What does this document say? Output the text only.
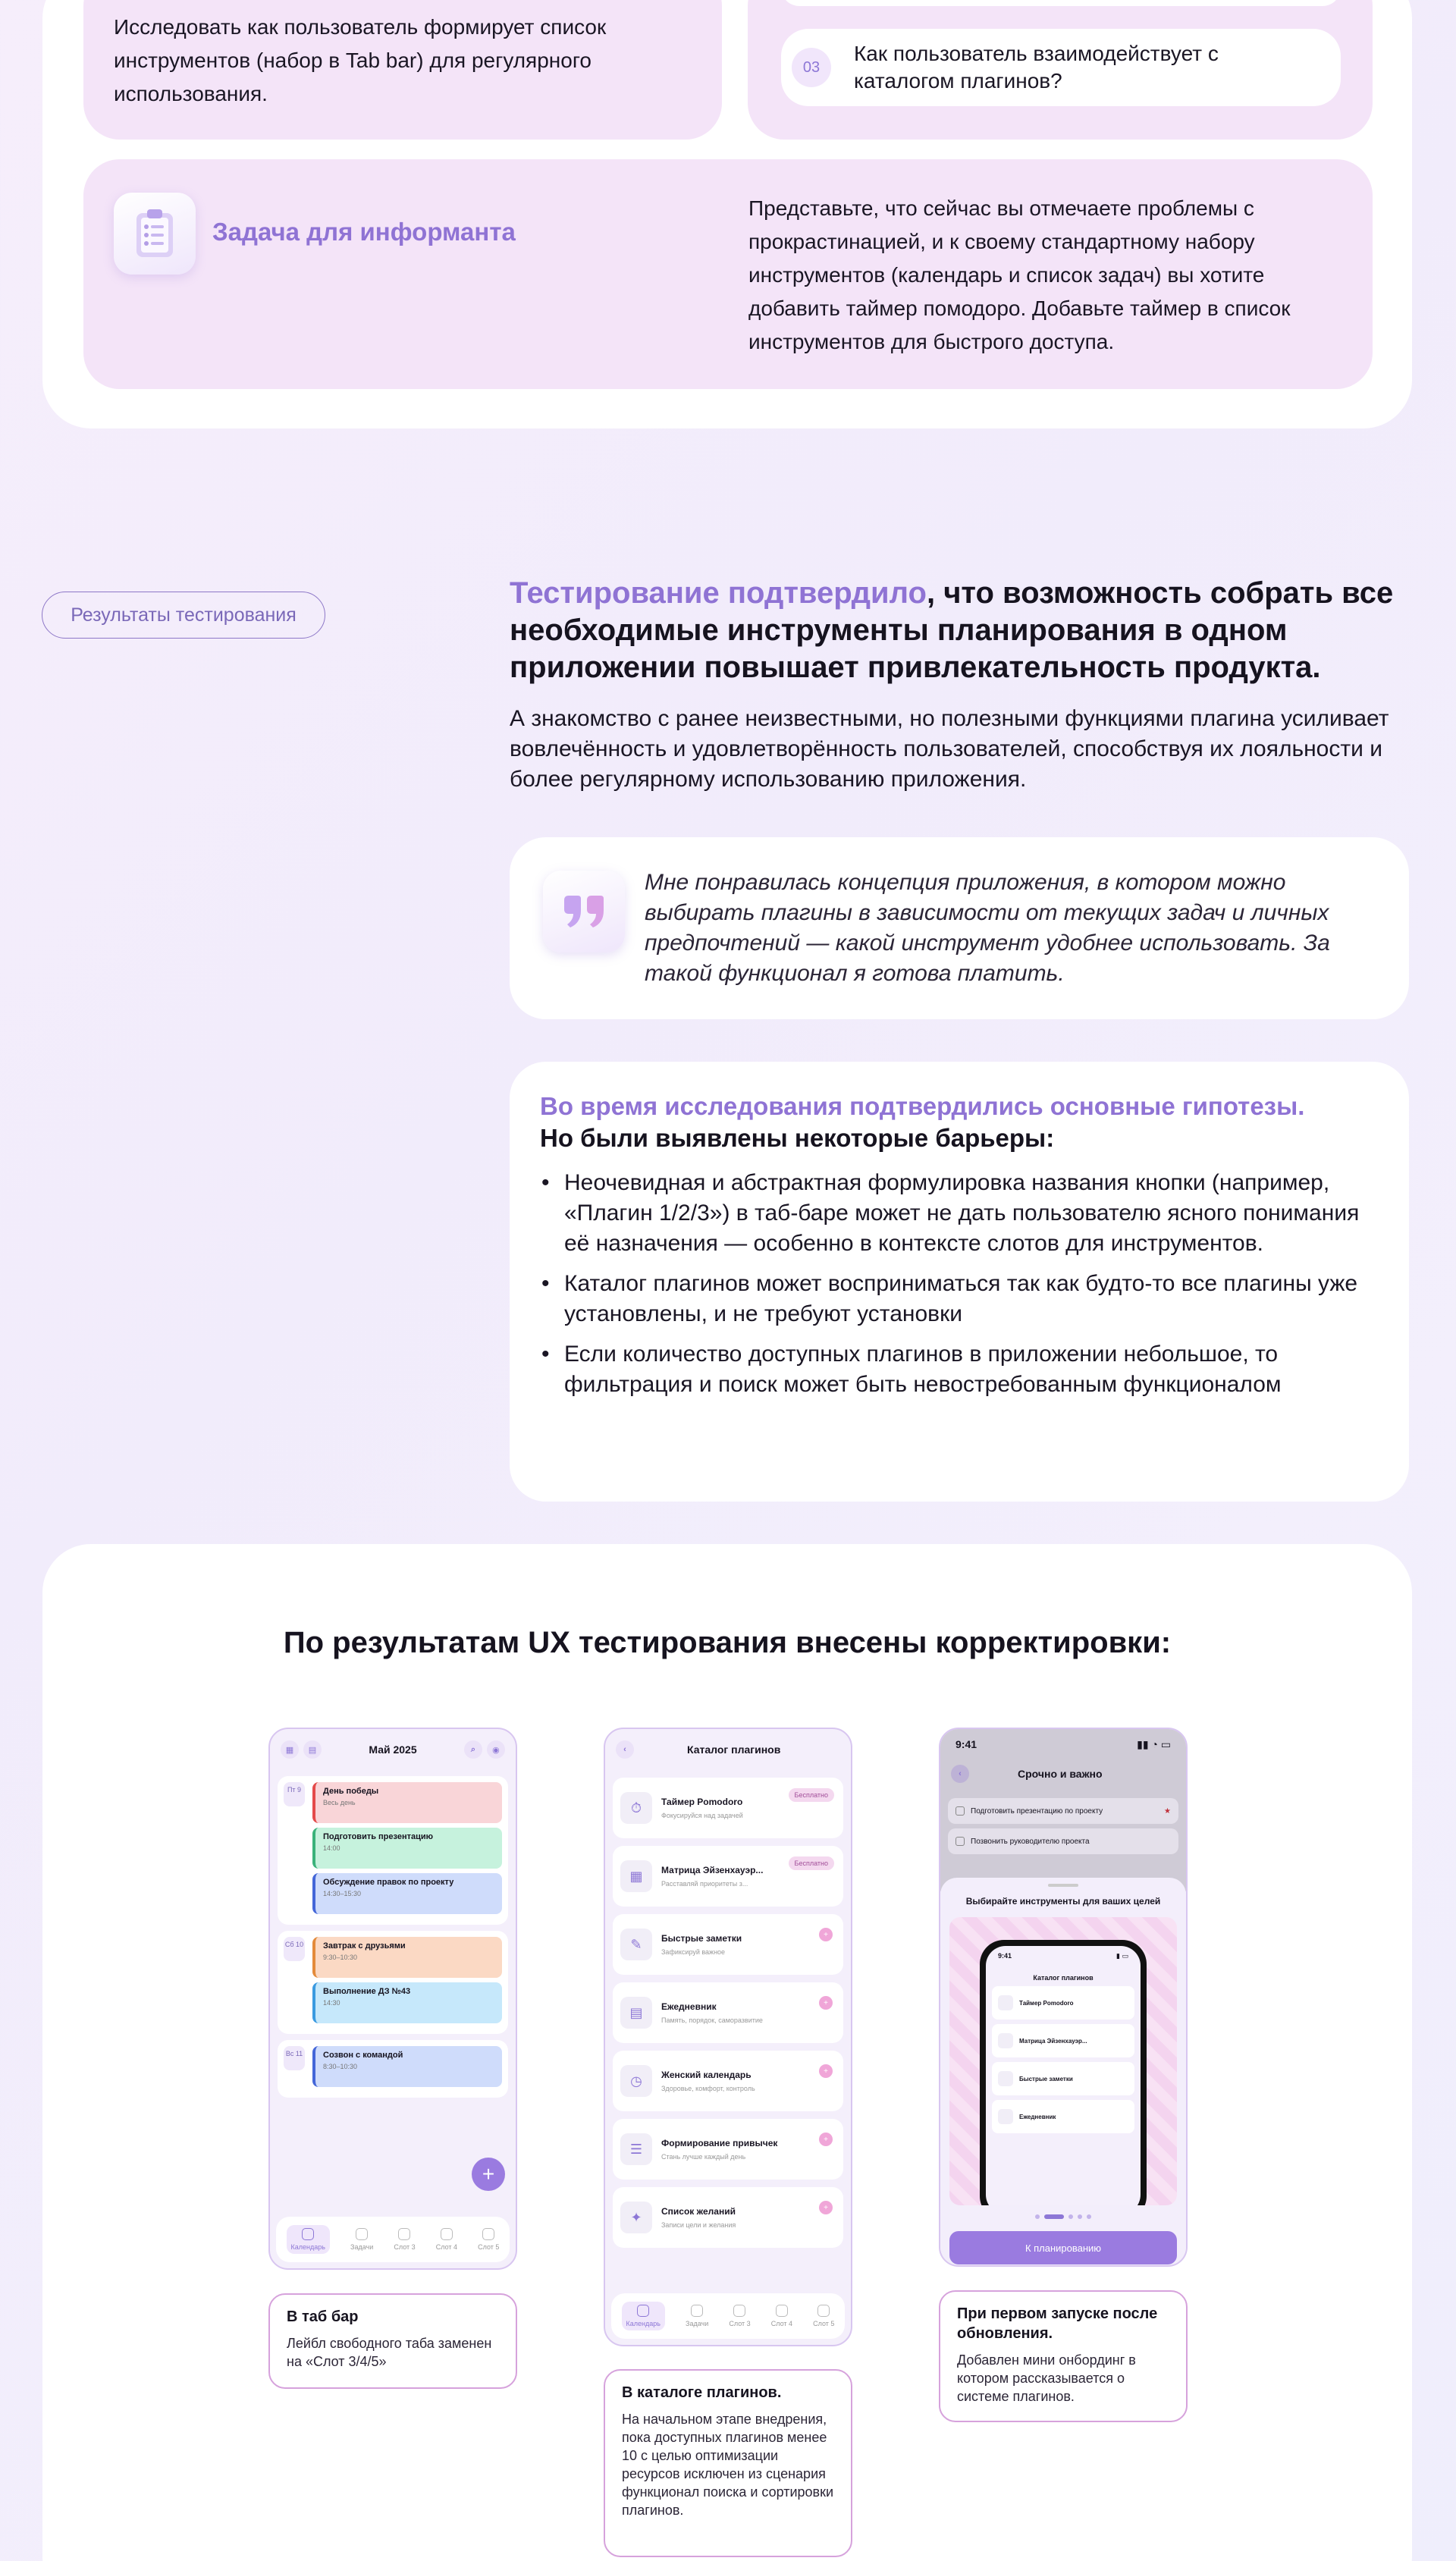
Исследовать как пользователь формирует список инструментов (набор в Tab bar) для регулярного использования.
03
Как пользователь взаимодействует с каталогом плагинов?
Задача для информанта
Представьте, что сейчас вы отмечаете проблемы с прокрастинацией, и к своему стандартному набору инструментов (календарь и список задач) вы хотите добавить таймер помодоро. Добавьте таймер в список инструментов для быстрого доступа.
Результаты тестирования
Тестирование подтвердило, что возможность собрать все необходимые инструменты планирования в одном приложении повышает привлекательность продукта.
А знакомство с ранее неизвестными, но полезными функциями плагина усиливает вовлечённость и удовлетворённость пользователей, способствуя их лояльности и более регулярному использованию приложения.
Мне понравилась концепция приложения, в котором можно выбирать плагины в зависимости от текущих задач и личных предпочтений — какой инструмент удобнее использовать. За такой функционал я готова платить.
Во время исследования подтвердились основные гипотезы.
Но были выявлены некоторые барьеры:
• Неочевидная и абстрактная формулировка названия кнопки (например, «Плагин 1/2/3») в таб-баре может не дать пользователю ясного понимания её назначения — особенно в контексте слотов для инструментов.
• Каталог плагинов может восприниматься так как будто-то все плагины уже установлены, и не требуют установки
• Если количество доступных плагинов в приложении небольшое, то фильтрация и поиск может быть невостребованным функционалом
По результатам UX тестирования внесены корректировки:
▦	▤	Май 2025	⌕	◉
Пт 9	День победы
Весь день
Подготовить презентацию
14:00
Обсуждение правок по проекту
14:30–15:30
Сб 10	Завтрак с друзьями
9:30–10:30
Выполнение ДЗ №43
14:30
Вс 11	Созвон с командой
8:30–10:30
+
Календарь	Задачи	Слот 3	Слот 4	Слот 5
‹	Каталог плагинов
⏱	Таймер Pomodoro
Фокусируйся над задачей
Бесплатно
▦	Матрица Эйзенхауэр...
Расставляй приоритеты з...
Бесплатно
✎	Быстрые заметки
Зафиксируй важное
+
▤	Ежедневник
Память, порядок, саморазвитие
+
◷	Женский календарь
Здоровье, комфорт, контроль
+
☰	Формирование привычек
Стань лучше каждый день
+
✦	Список желаний
Записи цели и желания
+
Календарь	Задачи	Слот 3	Слот 4	Слот 5
9:41	▮▮ ◔ ▭
‹	Срочно и важно
Подготовить презентацию по проекту	★
Позвонить руководителю проекта
Выбирайте инструменты для ваших целей
9:41	▮ ▭
Каталог плагинов
Таймер Pomodoro
Матрица Эйзенхауэр...
Быстрые заметки
Ежедневник
К планированию
В таб бар

Лейбл свободного таба заменен на «Слот 3/4/5»

В каталоге плагинов.

На начальном этапе внедрения, пока доступных плагинов менее 10 с целью оптимизации ресурсов исключен из сценария функционал поиска и сортировки плагинов.

При первом запуске после обновления.

Добавлен мини онбординг в котором рассказывается о системе плагинов.
